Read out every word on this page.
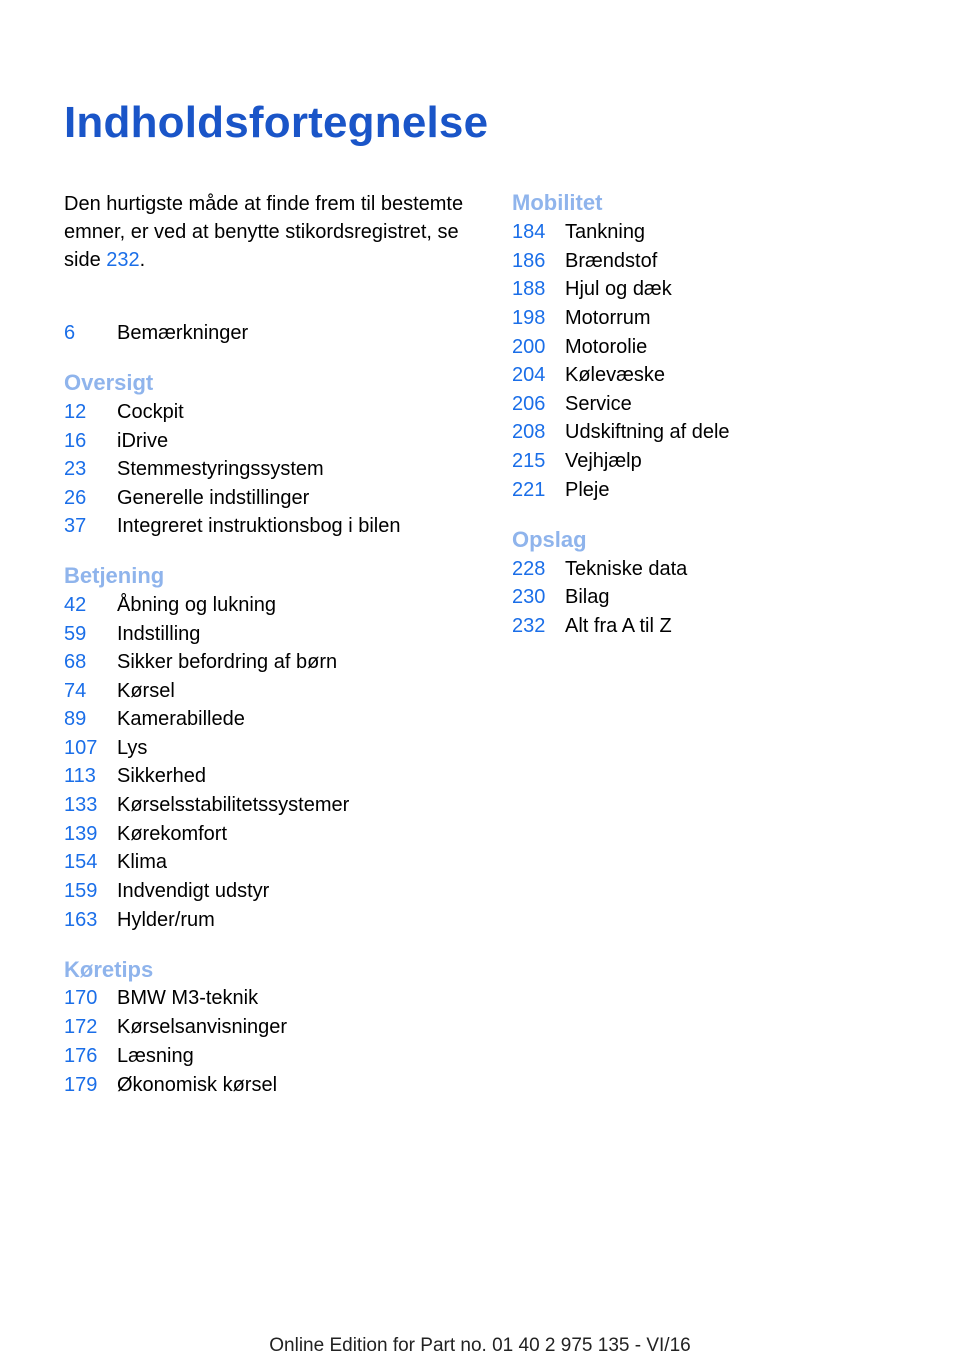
Indholdsfortegnelse
Den hurtigste måde at finde frem til bestemte emner, er ved at benytte stikordsregistret, se side 232.
6 Bemærkninger
Oversigt
12 Cockpit
16 iDrive
23 Stemmestyringssystem
26 Generelle indstillinger
37 Integreret instruktionsbog i bilen
Betjening
42 Åbning og lukning
59 Indstilling
68 Sikker befordring af børn
74 Kørsel
89 Kamerabillede
107 Lys
113 Sikkerhed
133 Kørselsstabilitetssystemer
139 Kørekomfort
154 Klima
159 Indvendigt udstyr
163 Hylder/rum
Køretips
170 BMW M3-teknik
172 Kørselsanvisninger
176 Læsning
179 Økonomisk kørsel
Mobilitet
184 Tankning
186 Brændstof
188 Hjul og dæk
198 Motorrum
200 Motorolie
204 Kølevæske
206 Service
208 Udskiftning af dele
215 Vejhjælp
221 Pleje
Opslag
228 Tekniske data
230 Bilag
232 Alt fra A til Z
Online Edition for Part no. 01 40 2 975 135 - VI/16
